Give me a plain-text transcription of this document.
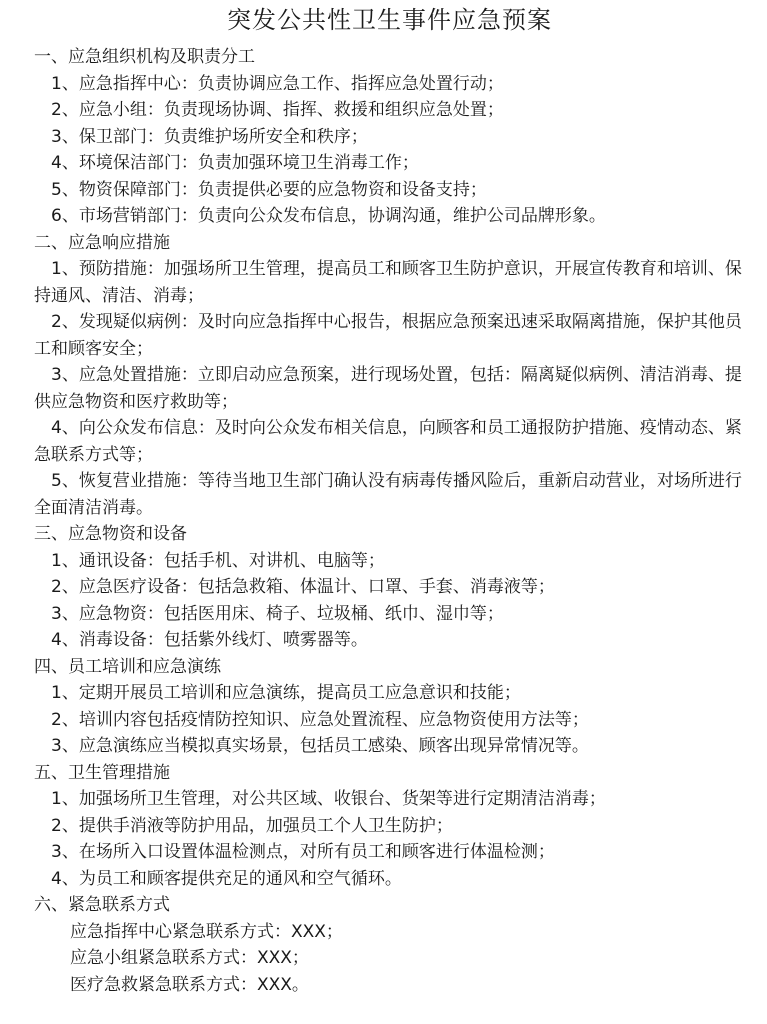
突发公共性卫生事件应急预案

一、应急组织机构及职责分工

1、应急指挥中心：负责协调应急工作、指挥应急处置行动；

2、应急小组：负责现场协调、指挥、救援和组织应急处置；

3、保卫部门：负责维护场所安全和秩序；

4、环境保洁部门：负责加强环境卫生消毒工作；

5、物资保障部门：负责提供必要的应急物资和设备支持；

6、市场营销部门：负责向公众发布信息，协调沟通，维护公司品牌形象。

二、应急响应措施

1、预防措施：加强场所卫生管理，提高员工和顾客卫生防护意识，开展宣传教育和培训、保持通风、清洁、消毒；

2、发现疑似病例：及时向应急指挥中心报告，根据应急预案迅速采取隔离措施，保护其他员工和顾客安全；

3、应急处置措施：立即启动应急预案，进行现场处置，包括：隔离疑似病例、清洁消毒、提供应急物资和医疗救助等；

4、向公众发布信息：及时向公众发布相关信息，向顾客和员工通报防护措施、疫情动态、紧急联系方式等；

5、恢复营业措施：等待当地卫生部门确认没有病毒传播风险后，重新启动营业，对场所进行全面清洁消毒。

三、应急物资和设备

1、通讯设备：包括手机、对讲机、电脑等；

2、应急医疗设备：包括急救箱、体温计、口罩、手套、消毒液等；

3、应急物资：包括医用床、椅子、垃圾桶、纸巾、湿巾等；

4、消毒设备：包括紫外线灯、喷雾器等。

四、员工培训和应急演练

1、定期开展员工培训和应急演练，提高员工应急意识和技能；

2、培训内容包括疫情防控知识、应急处置流程、应急物资使用方法等；

3、应急演练应当模拟真实场景，包括员工感染、顾客出现异常情况等。

五、卫生管理措施

1、加强场所卫生管理，对公共区域、收银台、货架等进行定期清洁消毒；

2、提供手消液等防护用品，加强员工个人卫生防护；

3、在场所入口设置体温检测点，对所有员工和顾客进行体温检测；

4、为员工和顾客提供充足的通风和空气循环。

六、紧急联系方式

应急指挥中心紧急联系方式：XXX；

应急小组紧急联系方式：XXX；

医疗急救紧急联系方式：XXX。
